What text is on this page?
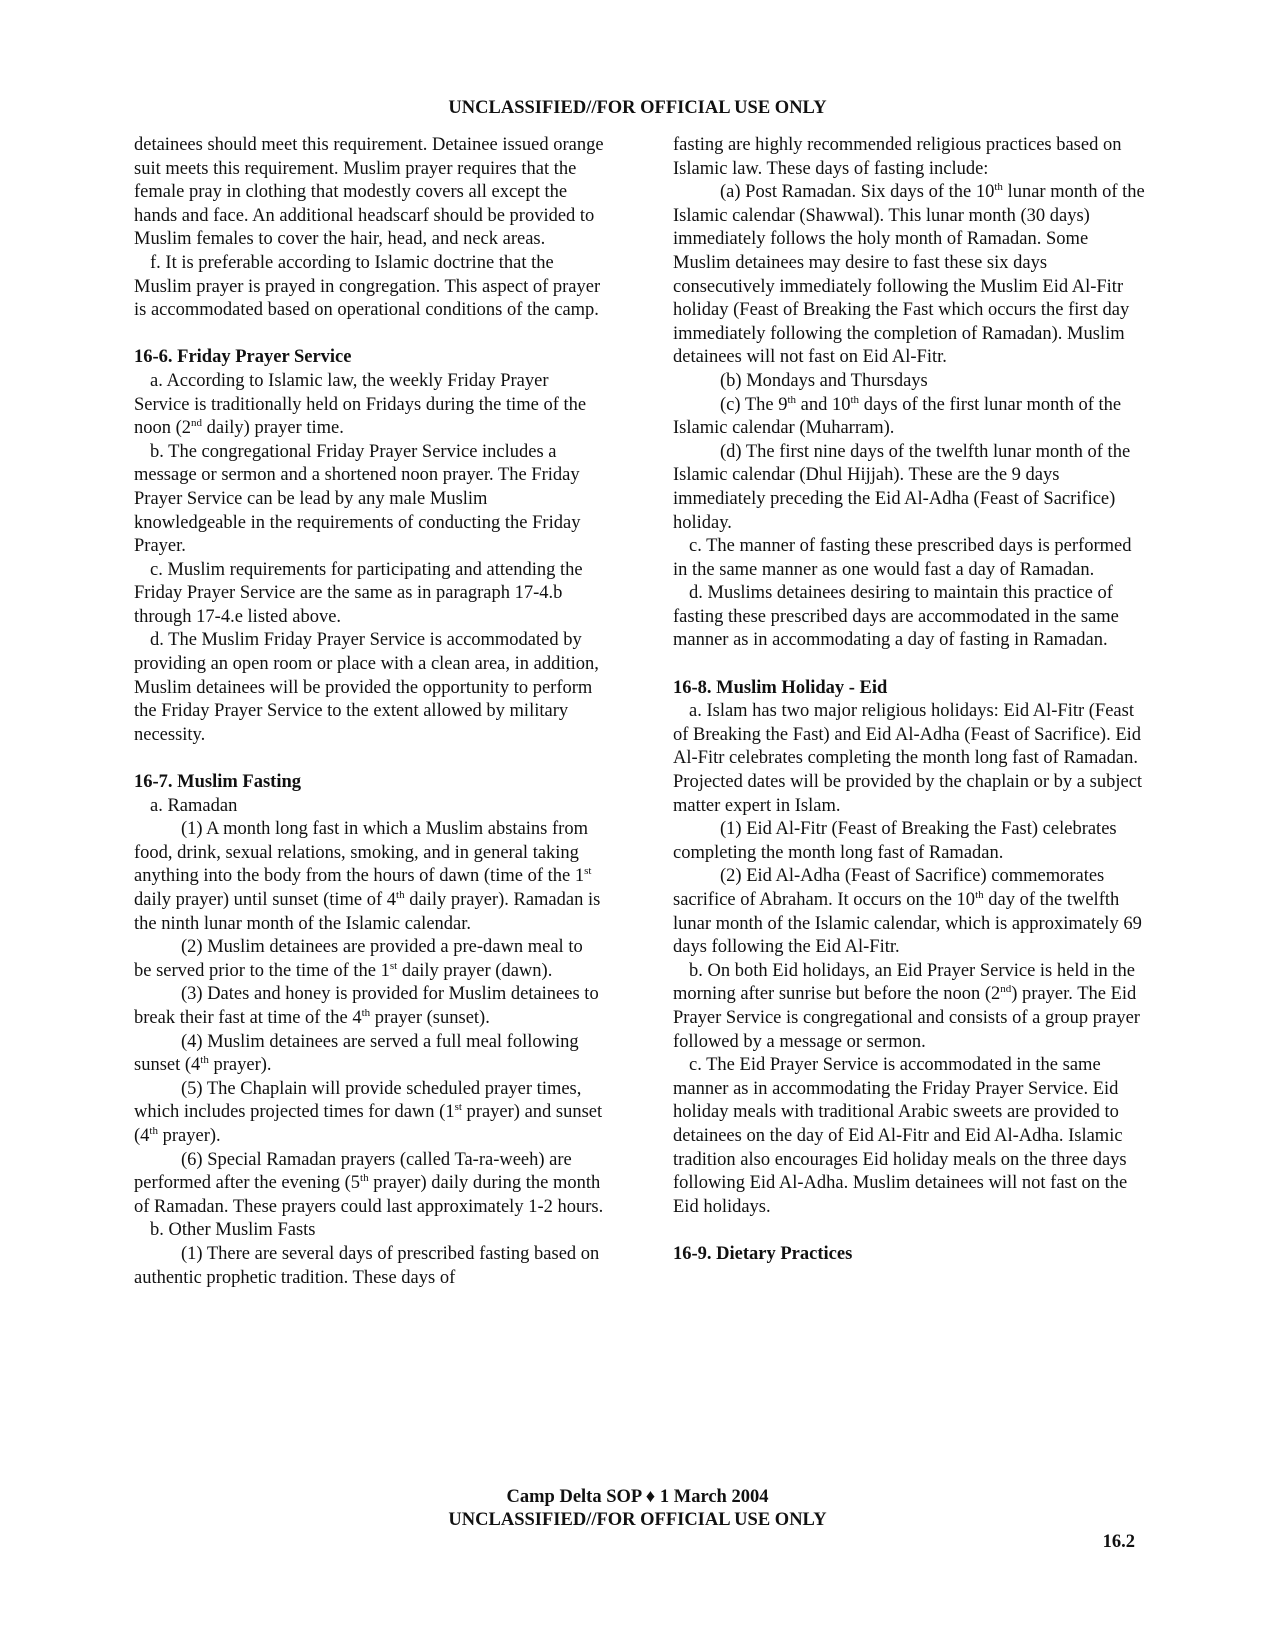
UNCLASSIFIED//FOR OFFICIAL USE ONLY

detainees should meet this requirement. Detainee issued orange suit meets this requirement. Muslim prayer requires that the female pray in clothing that modestly covers all except the hands and face. An additional headscarf should be provided to Muslim females to cover the hair, head, and neck areas.

f. It is preferable according to Islamic doctrine that the Muslim prayer is prayed in congregation. This aspect of prayer is accommodated based on operational conditions of the camp.

16-6. Friday Prayer Service

a. According to Islamic law, the weekly Friday Prayer Service is traditionally held on Fridays during the time of the noon (2nd daily) prayer time.

b. The congregational Friday Prayer Service includes a message or sermon and a shortened noon prayer. The Friday Prayer Service can be lead by any male Muslim knowledgeable in the requirements of conducting the Friday Prayer.

c. Muslim requirements for participating and attending the Friday Prayer Service are the same as in paragraph 17-4.b through 17-4.e listed above.

d. The Muslim Friday Prayer Service is accommodated by providing an open room or place with a clean area, in addition, Muslim detainees will be provided the opportunity to perform the Friday Prayer Service to the extent allowed by military necessity.

16-7. Muslim Fasting

a. Ramadan

(1) A month long fast in which a Muslim abstains from food, drink, sexual relations, smoking, and in general taking anything into the body from the hours of dawn (time of the 1st daily prayer) until sunset (time of 4th daily prayer). Ramadan is the ninth lunar month of the Islamic calendar.

(2) Muslim detainees are provided a pre-dawn meal to be served prior to the time of the 1st daily prayer (dawn).

(3) Dates and honey is provided for Muslim detainees to break their fast at time of the 4th prayer (sunset).

(4) Muslim detainees are served a full meal following sunset (4th prayer).

(5) The Chaplain will provide scheduled prayer times, which includes projected times for dawn (1st prayer) and sunset (4th prayer).

(6) Special Ramadan prayers (called Ta-ra-weeh) are performed after the evening (5th prayer) daily during the month of Ramadan. These prayers could last approximately 1-2 hours.

b. Other Muslim Fasts

(1) There are several days of prescribed fasting based on authentic prophetic tradition. These days of

fasting are highly recommended religious practices based on Islamic law. These days of fasting include:

(a) Post Ramadan. Six days of the 10th lunar month of the Islamic calendar (Shawwal). This lunar month (30 days) immediately follows the holy month of Ramadan. Some Muslim detainees may desire to fast these six days consecutively immediately following the Muslim Eid Al-Fitr holiday (Feast of Breaking the Fast which occurs the first day immediately following the completion of Ramadan). Muslim detainees will not fast on Eid Al-Fitr.

(b) Mondays and Thursdays

(c) The 9th and 10th days of the first lunar month of the Islamic calendar (Muharram).

(d) The first nine days of the twelfth lunar month of the Islamic calendar (Dhul Hijjah). These are the 9 days immediately preceding the Eid Al-Adha (Feast of Sacrifice) holiday.

c. The manner of fasting these prescribed days is performed in the same manner as one would fast a day of Ramadan.

d. Muslims detainees desiring to maintain this practice of fasting these prescribed days are accommodated in the same manner as in accommodating a day of fasting in Ramadan.

16-8. Muslim Holiday - Eid

a. Islam has two major religious holidays: Eid Al-Fitr (Feast of Breaking the Fast) and Eid Al-Adha (Feast of Sacrifice). Eid Al-Fitr celebrates completing the month long fast of Ramadan. Projected dates will be provided by the chaplain or by a subject matter expert in Islam.

(1) Eid Al-Fitr (Feast of Breaking the Fast) celebrates completing the month long fast of Ramadan.

(2) Eid Al-Adha (Feast of Sacrifice) commemorates sacrifice of Abraham. It occurs on the 10th day of the twelfth lunar month of the Islamic calendar, which is approximately 69 days following the Eid Al-Fitr.

b. On both Eid holidays, an Eid Prayer Service is held in the morning after sunrise but before the noon (2nd) prayer. The Eid Prayer Service is congregational and consists of a group prayer followed by a message or sermon.

c. The Eid Prayer Service is accommodated in the same manner as in accommodating the Friday Prayer Service. Eid holiday meals with traditional Arabic sweets are provided to detainees on the day of Eid Al-Fitr and Eid Al-Adha. Islamic tradition also encourages Eid holiday meals on the three days following Eid Al-Adha. Muslim detainees will not fast on the Eid holidays.

16-9. Dietary Practices

Camp Delta SOP ♦ 1 March 2004
UNCLASSIFIED//FOR OFFICIAL USE ONLY
16.2
